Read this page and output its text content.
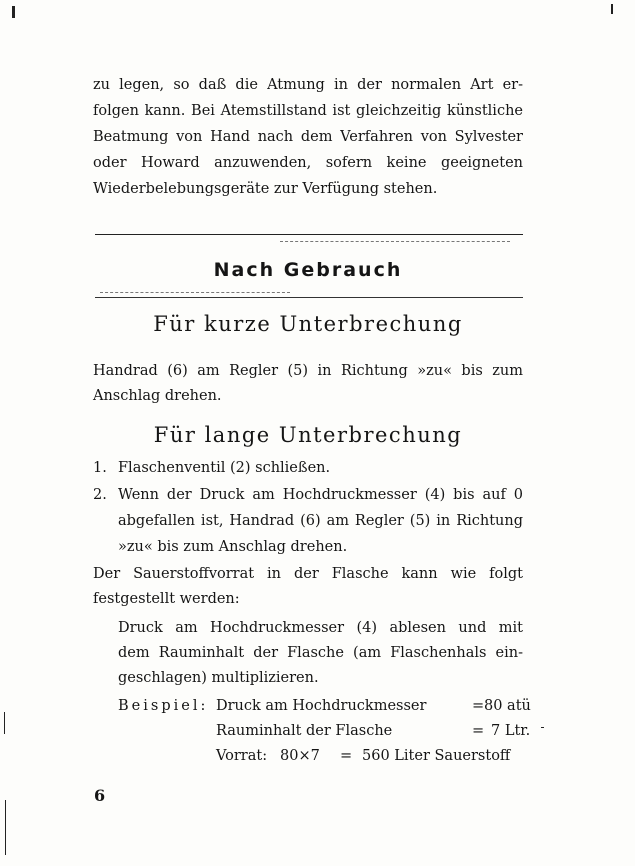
zu legen, so daß die Atmung in der normalen Art er-

folgen kann. Bei Atemstillstand ist gleichzeitig künstliche

Beatmung von Hand nach dem Verfahren von Sylvester

oder Howard anzuwenden, sofern keine geeigneten

Wiederbelebungsgeräte zur Verfügung stehen.

Nach Gebrauch
Für kurze Unterbrechung

Handrad (6) am Regler (5) in Richtung »zu« bis zum

Anschlag drehen.

Für lange Unterbrechung
1. Flaschenventil (2) schließen.
2. Wenn der Druck am Hochdruckmesser (4) bis auf 0
abgefallen ist, Handrad (6) am Regler (5) in Richtung
»zu« bis zum Anschlag drehen.

Der Sauerstoffvorrat in der Flasche kann wie folgt

festgestellt werden:

Druck am Hochdruckmesser (4) ablesen und mit

dem Rauminhalt der Flasche (am Flaschenhals ein-

geschlagen) multiplizieren.

Beispiel: Druck am Hochdruckmesser	= 80 atü
Rauminhalt der Flasche	= 7 Ltr.
Vorrat: 80×7	= 560 Liter Sauerstoff
6
